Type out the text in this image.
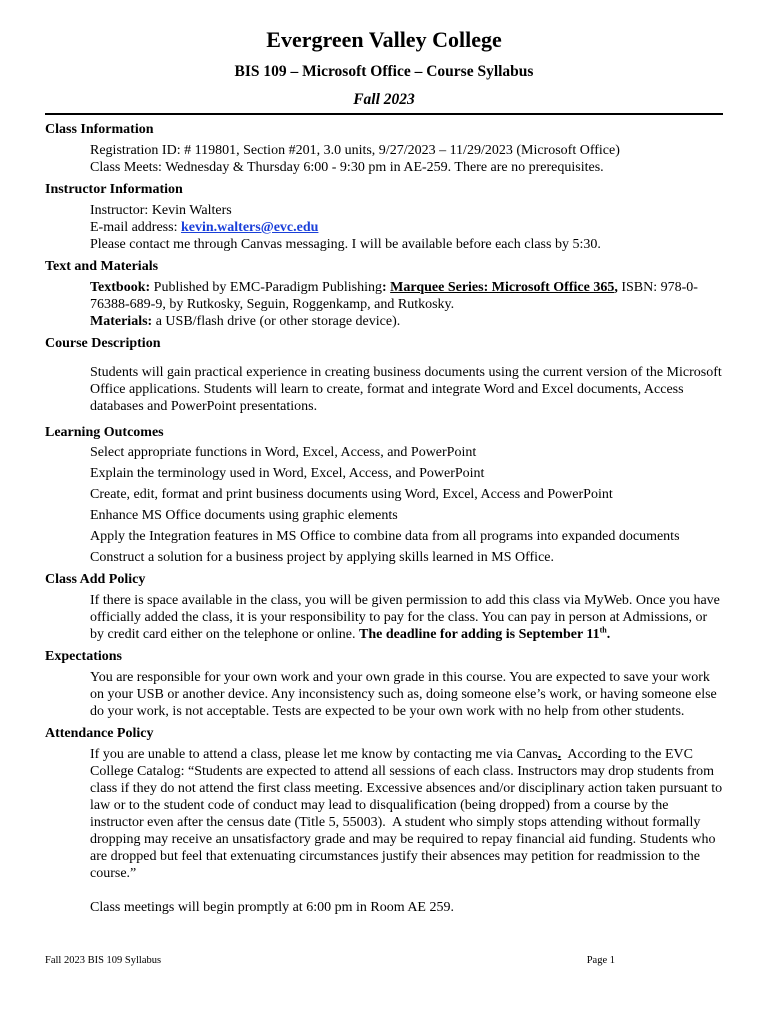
Evergreen Valley College
BIS 109 – Microsoft Office – Course Syllabus
Fall 2023

Class Information

Registration ID: # 119801, Section #201, 3.0 units, 9/27/2023 – 11/29/2023 (Microsoft Office)
Class Meets: Wednesday & Thursday 6:00 - 9:30 pm in AE-259. There are no prerequisites.

Instructor Information

Instructor: Kevin Walters
E-mail address: kevin.walters@evc.edu
Please contact me through Canvas messaging. I will be available before each class by 5:30.

Text and Materials

Textbook: Published by EMC-Paradigm Publishing: Marquee Series: Microsoft Office 365, ISBN: 978-0-76388-689-9, by Rutkosky, Seguin, Roggenkamp, and Rutkosky.
Materials: a USB/flash drive (or other storage device).

Course Description

Students will gain practical experience in creating business documents using the current version of the Microsoft Office applications. Students will learn to create, format and integrate Word and Excel documents, Access databases and PowerPoint presentations.

Learning Outcomes

Select appropriate functions in Word, Excel, Access, and PowerPoint
Explain the terminology used in Word, Excel, Access, and PowerPoint
Create, edit, format and print business documents using Word, Excel, Access and PowerPoint
Enhance MS Office documents using graphic elements
Apply the Integration features in MS Office to combine data from all programs into expanded documents
Construct a solution for a business project by applying skills learned in MS Office.

Class Add Policy

If there is space available in the class, you will be given permission to add this class via MyWeb. Once you have officially added the class, it is your responsibility to pay for the class. You can pay in person at Admissions, or by credit card either on the telephone or online. The deadline for adding is September 11th.

Expectations

You are responsible for your own work and your own grade in this course. You are expected to save your work on your USB or another device. Any inconsistency such as, doing someone else’s work, or having someone else do your work, is not acceptable. Tests are expected to be your own work with no help from other students.

Attendance Policy

If you are unable to attend a class, please let me know by contacting me via Canvas.  According to the EVC College Catalog: “Students are expected to attend all sessions of each class. Instructors may drop students from class if they do not attend the first class meeting. Excessive absences and/or disciplinary action taken pursuant to law or to the student code of conduct may lead to disqualification (being dropped) from a course by the instructor even after the census date (Title 5, 55003).  A student who simply stops attending without formally dropping may receive an unsatisfactory grade and may be required to repay financial aid funding. Students who are dropped but feel that extenuating circumstances justify their absences may petition for readmission to the course.”
Class meetings will begin promptly at 6:00 pm in Room AE 259.
Fall 2023 BIS 109 Syllabus	Page 1
